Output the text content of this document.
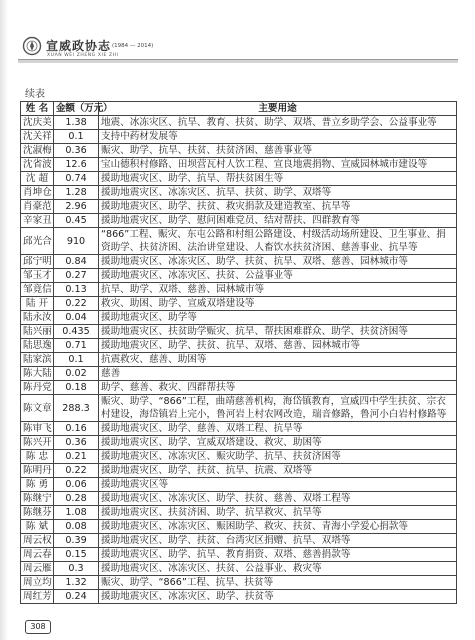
宣威政协志 (1984 — 2014)
XUAN WEI ZHENG XIE ZHI
续表
姓 名	金额（万元）	主要用途
沈庆美	1.38	地震、冰冻灾区、抗旱、教育、扶贫、助学、双塔、普立乡助学会、公益事业等
沈关祥	0.1	支持中药材发展等
沈淑梅	0.36	赈灾、助学、抗旱、扶贫、扶贫济困、慈善事业等
沈省波	12.6	宝山德积村修路、田坝营瓦村人饮工程、宣良地震捐物、宣威园林城市建设等
沈 超	0.74	援助地震灾区、助学、抗旱、帮扶贫困生等
肖坤仓	1.28	援助地震灾区、冰冻灾区、抗旱、扶贫、助学、双塔等
肖豪范	2.96	援助地震灾区、助学、扶贫、救灾捐款及建造教室、抗旱等
辛家丑	0.45	援助地震灾区、助学、慰问困难党员、结对帮扶、四群教育等
邱光合	910	“866”工程、赈灾、东屯公路和村组公路建设、村级活动场所建设、卫生事业、捐资助学、扶贫济困、法治讲堂建设、人畜饮水扶贫济困、慈善事业、抗旱等
邱宁明	0.84	援助地震灾区、冰冻灾区、助学、扶贫、抗旱、双塔、慈善、园林城市等
邹玉才	0.27	援助地震灾区、冰冻灾区、扶贫、公益事业等
邹竟信	0.13	抗旱、助学、双塔、慈善、园林城市等
陆 开	0.22	救灾、助困、助学、宣威双塔建设等
陆永汝	0.04	援助地震灾区、助学等
陆兴丽	0.435	援助地震灾区、扶贫助学赈灾、抗旱、帮扶困难群众、助学、扶贫济困等
陆思逸	0.71	援助地震灾区、助学、扶贫、抗旱、双塔、慈善、园林城市等
陆家滨	0.1	抗震救灾、慈善、助困等
陈大陆	0.02	慈善
陈丹党	0.18	助学、慈善、救灾、四群帮扶等
陈文章	288.3	赈灾、助学、“866”工程，曲靖慈善机构，海岱镇教育，宣威四中学生扶贫、宗衣村建设，海岱镇岩上完小，鲁河岩上村农网改造，瑞音修路，鲁河小白岩村修路等
陈审飞	0.16	援助地震灾区、助学、慈善、双塔工程、抗旱等
陈兴开	0.36	援助地震灾区、助学、宣威双塔建设、救灾、助困等
陈 忠	0.21	援助地震灾区、冰冻灾区、赈灾助学、抗旱、扶贫济困等
陈明丹	0.22	援助地震灾区、助学、扶贫、抗旱、抗震、双塔等
陈 勇	0.06	援助地震灾区等
陈继宁	0.28	援助地震灾区、冰冻灾区、助学、扶贫、慈善、双塔工程等
陈继芬	1.08	援助地震灾区、扶贫济困、助学、抗旱救灾、抗旱等
陈 斌	0.08	援助地震灾区、冰冻灾区、赈困助学、救灾、扶贫、青海小学爱心捐款等
周云权	0.39	援助地震灾区、助学、扶贫、台湾灾区捐赠、抗旱、双塔等
周云春	0.15	援助地震灾区、助学、抗旱、教育捐资、双塔、慈善捐款等
周云雁	0.3	援助地震灾区、冰冻灾区、扶贫、公益事业、救灾等
周立均	1.32	赈灾、助学、“866”工程、抗旱、扶贫等
周红芳	0.24	援助地震灾区、冰冻灾区、助学、扶贫等
308
